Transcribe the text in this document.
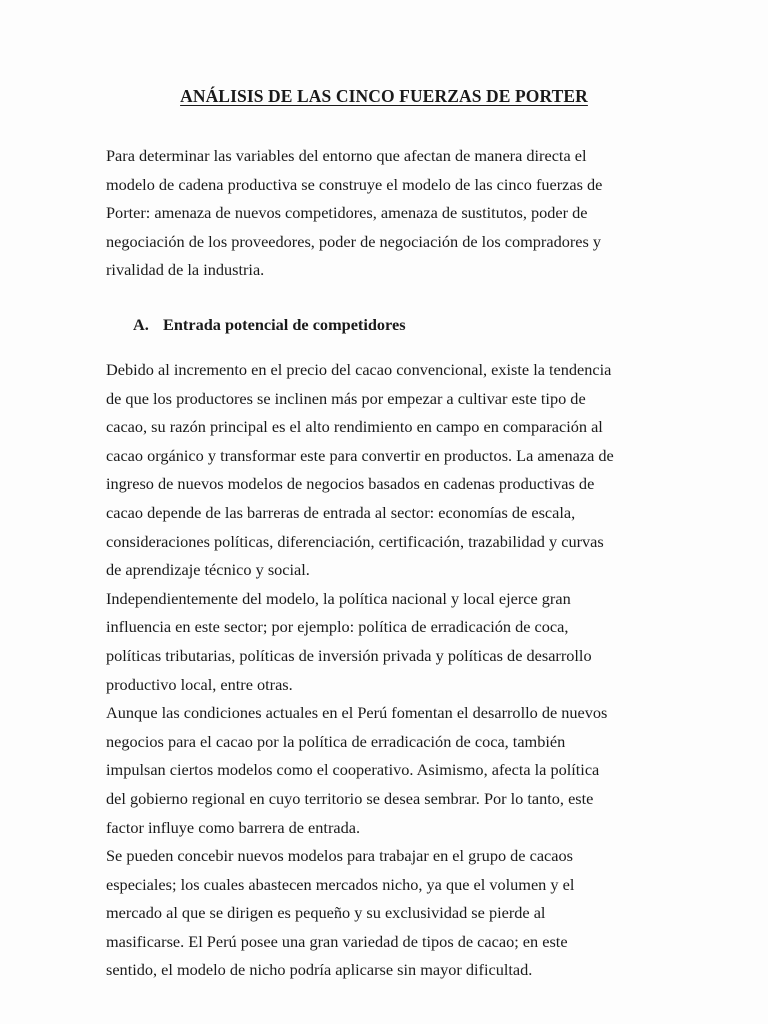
ANÁLISIS DE LAS CINCO FUERZAS DE PORTER
Para determinar las variables del entorno que afectan de manera directa el
modelo de cadena productiva se construye el modelo de las cinco fuerzas de
Porter: amenaza de nuevos competidores, amenaza de sustitutos, poder de
negociación de los proveedores, poder de negociación de los compradores y
rivalidad de la industria.
A. Entrada potencial de competidores
Debido al incremento en el precio del cacao convencional, existe la tendencia
de que los productores se inclinen más por empezar a cultivar este tipo de
cacao, su razón principal es el alto rendimiento en campo en comparación al
cacao orgánico y transformar este para convertir en productos. La amenaza de
ingreso de nuevos modelos de negocios basados en cadenas productivas de
cacao depende de las barreras de entrada al sector: economías de escala,
consideraciones políticas, diferenciación, certificación, trazabilidad y curvas
de aprendizaje técnico y social.
Independientemente del modelo, la política nacional y local ejerce gran
influencia en este sector; por ejemplo: política de erradicación de coca,
políticas tributarias, políticas de inversión privada y políticas de desarrollo
productivo local, entre otras.
Aunque las condiciones actuales en el Perú fomentan el desarrollo de nuevos
negocios para el cacao por la política de erradicación de coca, también
impulsan ciertos modelos como el cooperativo. Asimismo, afecta la política
del gobierno regional en cuyo territorio se desea sembrar. Por lo tanto, este
factor influye como barrera de entrada.
Se pueden concebir nuevos modelos para trabajar en el grupo de cacaos
especiales; los cuales abastecen mercados nicho, ya que el volumen y el
mercado al que se dirigen es pequeño y su exclusividad se pierde al
masificarse. El Perú posee una gran variedad de tipos de cacao; en este
sentido, el modelo de nicho podría aplicarse sin mayor dificultad.
